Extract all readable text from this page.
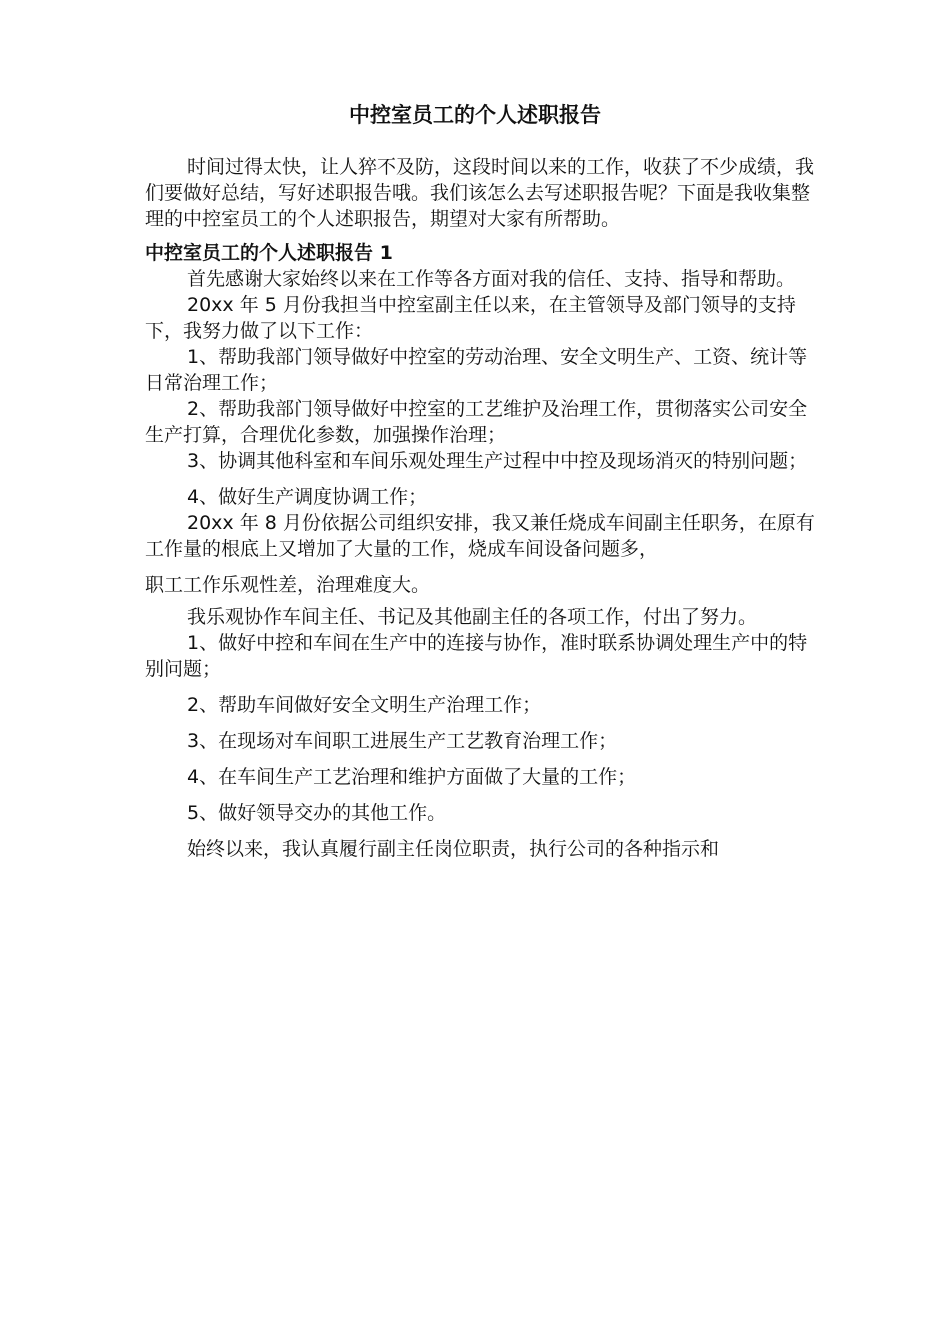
中控室员工的个人述职报告

时间过得太快，让人猝不及防，这段时间以来的工作，收获了不少成绩，我们要做好总结，写好述职报告哦。我们该怎么去写述职报告呢？下面是我收集整理的中控室员工的个人述职报告，期望对大家有所帮助。

中控室员工的个人述职报告 1

首先感谢大家始终以来在工作等各方面对我的信任、支持、指导和帮助。

20xx 年 5 月份我担当中控室副主任以来，在主管领导及部门领导的支持下，我努力做了以下工作：

1、帮助我部门领导做好中控室的劳动治理、安全文明生产、工资、统计等日常治理工作；

2、帮助我部门领导做好中控室的工艺维护及治理工作，贯彻落实公司安全生产打算，合理优化参数，加强操作治理；

3、协调其他科室和车间乐观处理生产过程中中控及现场消灭的特别问题；

4、做好生产调度协调工作；

20xx 年 8 月份依据公司组织安排，我又兼任烧成车间副主任职务，在原有工作量的根底上又增加了大量的工作，烧成车间设备问题多，

职工工作乐观性差，治理难度大。

我乐观协作车间主任、书记及其他副主任的各项工作，付出了努力。

1、做好中控和车间在生产中的连接与协作，准时联系协调处理生产中的特别问题；

2、帮助车间做好安全文明生产治理工作；

3、在现场对车间职工进展生产工艺教育治理工作；

4、在车间生产工艺治理和维护方面做了大量的工作；

5、做好领导交办的其他工作。

始终以来，我认真履行副主任岗位职责，执行公司的各种指示和
